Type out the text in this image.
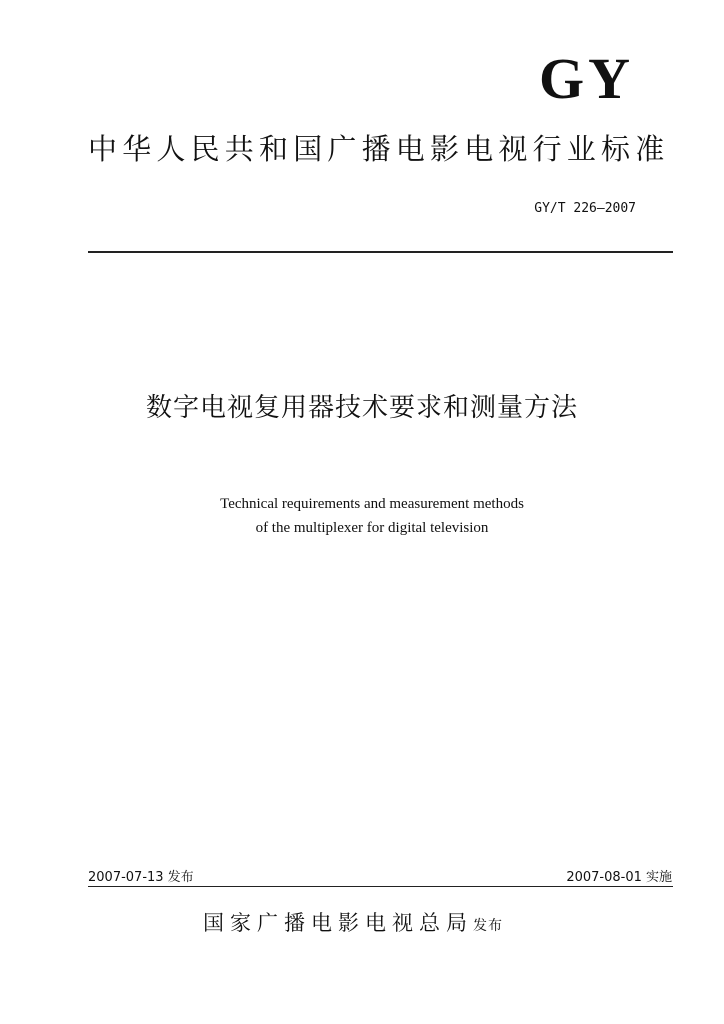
GY
中华人民共和国广播电影电视行业标准
GY/T 226—2007
数字电视复用器技术要求和测量方法
Technical requirements and measurement methods
of the multiplexer for digital television
2007-07-13 发布	2007-08-01 实施
国家广播电影电视总局发布
